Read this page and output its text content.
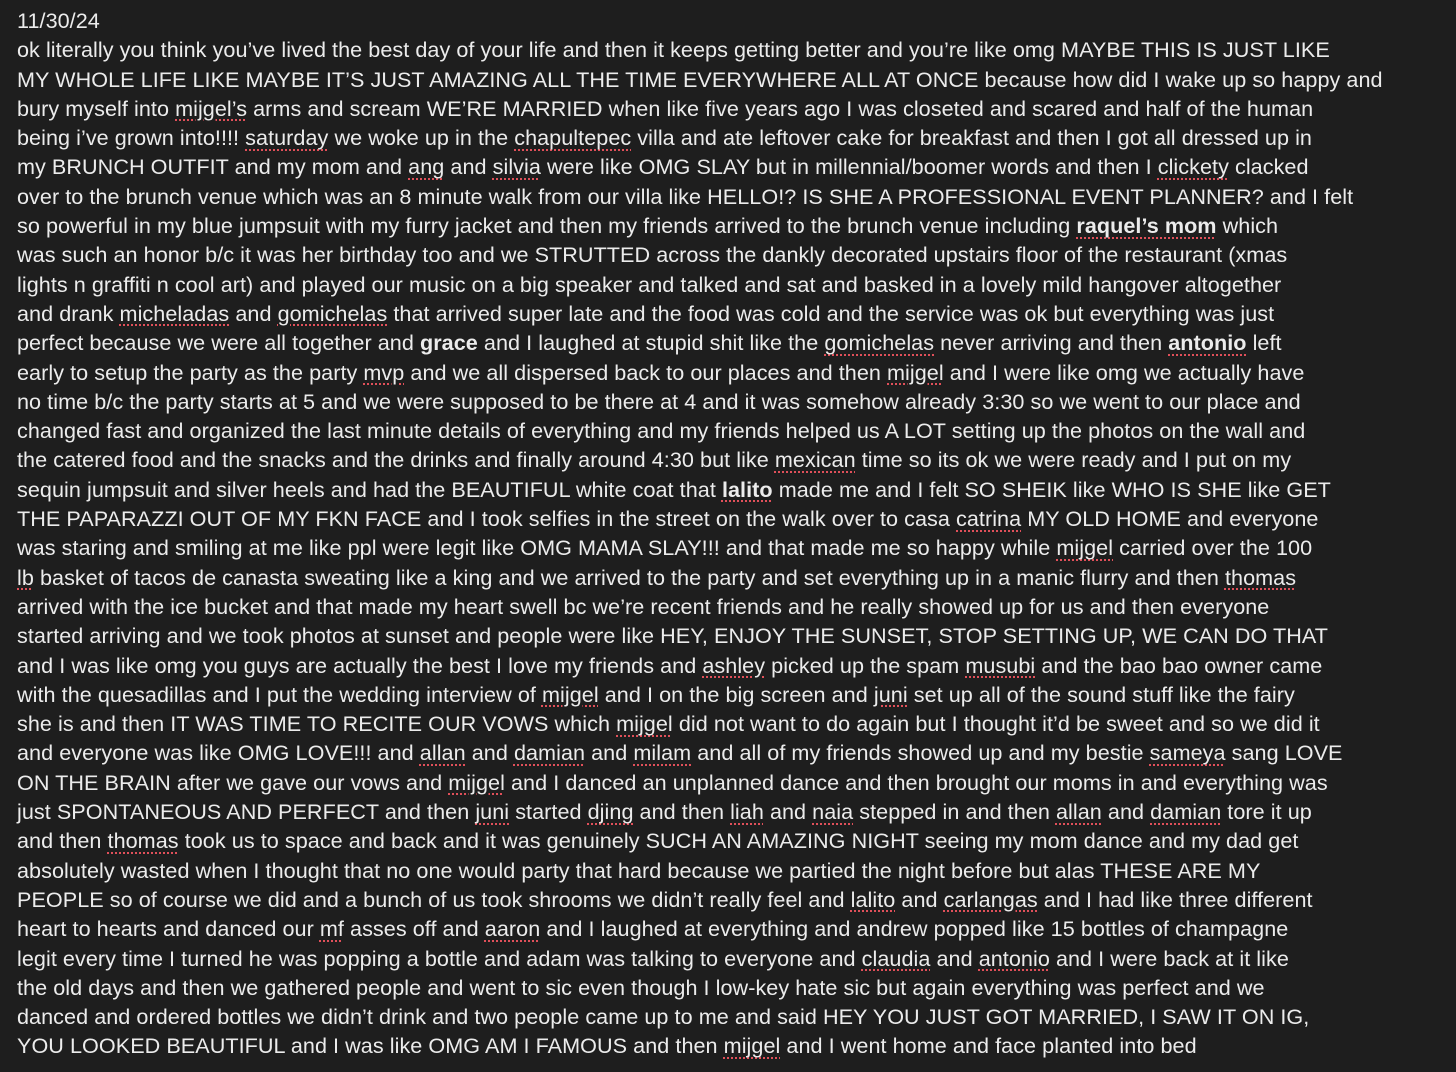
11/30/24
ok literally you think you’ve lived the best day of your life and then it keeps getting better and you’re like omg MAYBE THIS IS JUST LIKE
MY WHOLE LIFE LIKE MAYBE IT’S JUST AMAZING ALL THE TIME EVERYWHERE ALL AT ONCE because how did I wake up so happy and
bury myself into mijgel’s arms and scream WE’RE MARRIED when like five years ago I was closeted and scared and half of the human
being i’ve grown into!!!! saturday we woke up in the chapultepec villa and ate leftover cake for breakfast and then I got all dressed up in
my BRUNCH OUTFIT and my mom and ang and silvia were like OMG SLAY but in millennial/boomer words and then I clickety clacked
over to the brunch venue which was an 8 minute walk from our villa like HELLO!? IS SHE A PROFESSIONAL EVENT PLANNER? and I felt
so powerful in my blue jumpsuit with my furry jacket and then my friends arrived to the brunch venue including raquel’s mom which
was such an honor b/c it was her birthday too and we STRUTTED across the dankly decorated upstairs floor of the restaurant (xmas
lights n graffiti n cool art) and played our music on a big speaker and talked and sat and basked in a lovely mild hangover altogether
and drank micheladas and gomichelas that arrived super late and the food was cold and the service was ok but everything was just
perfect because we were all together and grace and I laughed at stupid shit like the gomichelas never arriving and then antonio left
early to setup the party as the party mvp and we all dispersed back to our places and then mijgel and I were like omg we actually have
no time b/c the party starts at 5 and we were supposed to be there at 4 and it was somehow already 3:30 so we went to our place and
changed fast and organized the last minute details of everything and my friends helped us A LOT setting up the photos on the wall and
the catered food and the snacks and the drinks and finally around 4:30 but like mexican time so its ok we were ready and I put on my
sequin jumpsuit and silver heels and had the BEAUTIFUL white coat that lalito made me and I felt SO SHEIK like WHO IS SHE like GET
THE PAPARAZZI OUT OF MY FKN FACE and I took selfies in the street on the walk over to casa catrina MY OLD HOME and everyone
was staring and smiling at me like ppl were legit like OMG MAMA SLAY!!! and that made me so happy while mijgel carried over the 100
lb basket of tacos de canasta sweating like a king and we arrived to the party and set everything up in a manic flurry and then thomas
arrived with the ice bucket and that made my heart swell bc we’re recent friends and he really showed up for us and then everyone
started arriving and we took photos at sunset and people were like HEY, ENJOY THE SUNSET, STOP SETTING UP, WE CAN DO THAT
and I was like omg you guys are actually the best I love my friends and ashley picked up the spam musubi and the bao bao owner came
with the quesadillas and I put the wedding interview of mijgel and I on the big screen and juni set up all of the sound stuff like the fairy
she is and then IT WAS TIME TO RECITE OUR VOWS which mijgel did not want to do again but I thought it’d be sweet and so we did it
and everyone was like OMG LOVE!!! and allan and damian and milam and all of my friends showed up and my bestie sameya sang LOVE
ON THE BRAIN after we gave our vows and mijgel and I danced an unplanned dance and then brought our moms in and everything was
just SPONTANEOUS AND PERFECT and then juni started djing and then liah and naia stepped in and then allan and damian tore it up
and then thomas took us to space and back and it was genuinely SUCH AN AMAZING NIGHT seeing my mom dance and my dad get
absolutely wasted when I thought that no one would party that hard because we partied the night before but alas THESE ARE MY
PEOPLE so of course we did and a bunch of us took shrooms we didn’t really feel and lalito and carlangas and I had like three different
heart to hearts and danced our mf asses off and aaron and I laughed at everything and andrew popped like 15 bottles of champagne
legit every time I turned he was popping a bottle and adam was talking to everyone and claudia and antonio and I were back at it like
the old days and then we gathered people and went to sic even though I low-key hate sic but again everything was perfect and we
danced and ordered bottles we didn’t drink and two people came up to me and said HEY YOU JUST GOT MARRIED, I SAW IT ON IG,
YOU LOOKED BEAUTIFUL and I was like OMG AM I FAMOUS and then mijgel and I went home and face planted into bed
